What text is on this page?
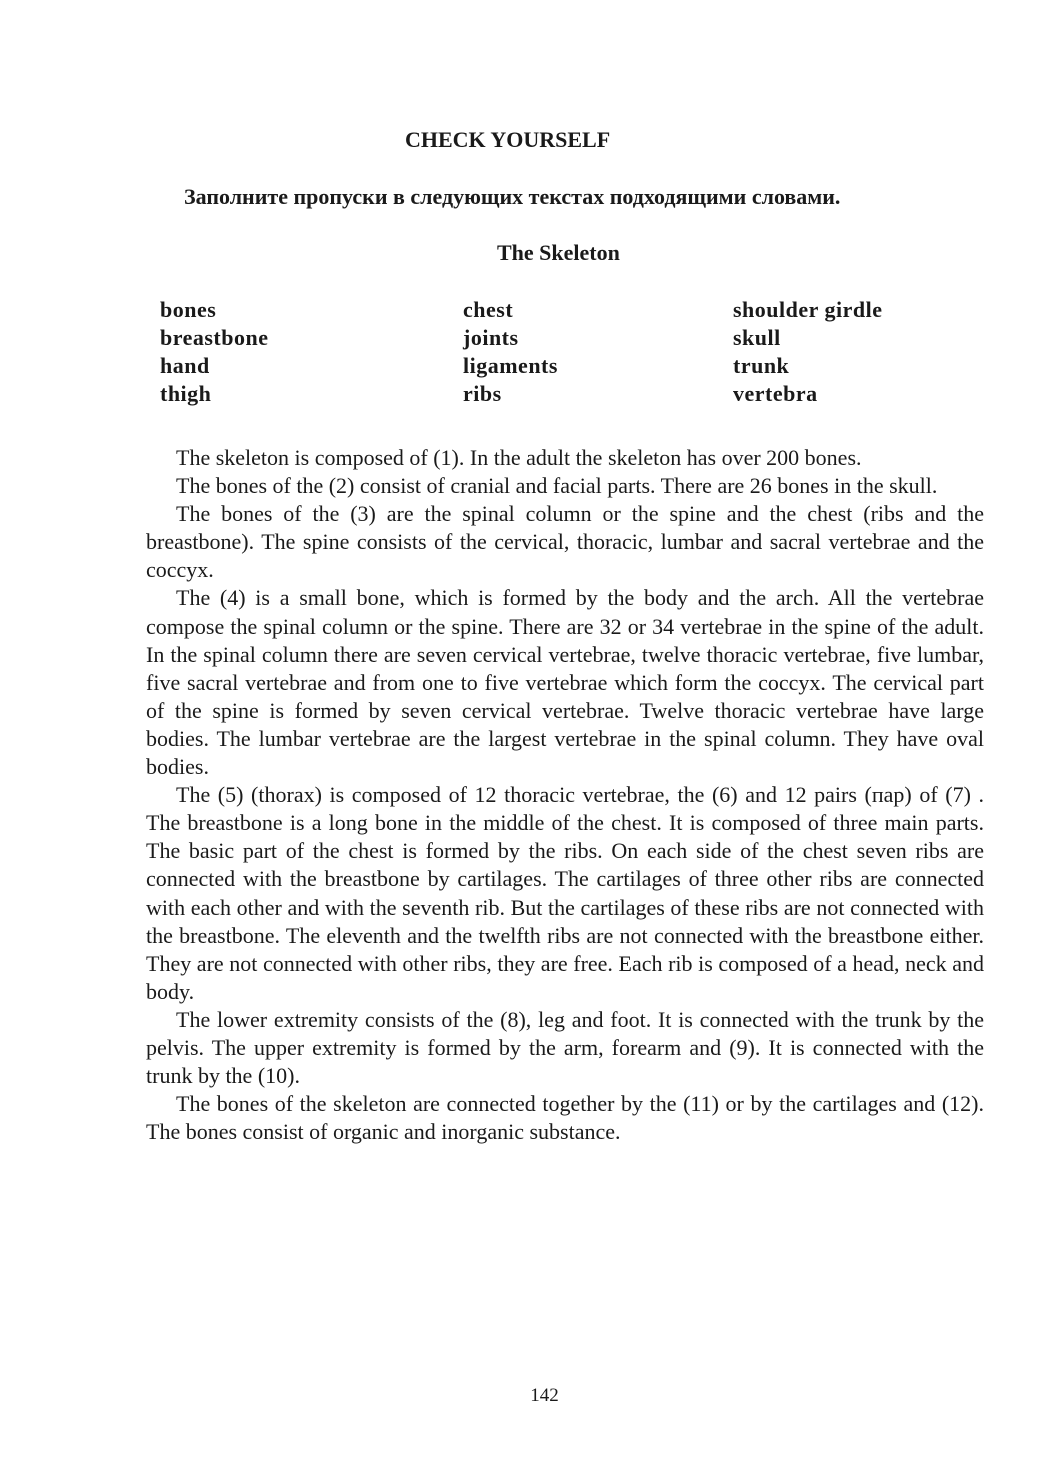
CHECK YOURSELF
Заполните пропуски в следующих текстах подходящими словами.
The Skeleton
bones
breastbone
hand
thigh
chest
joints
ligaments
ribs
shoulder girdle
skull
trunk
vertebra

The skeleton is composed of (1). In the adult the skeleton has over 200 bones.

The bones of the (2) consist of cranial and facial parts. There are 26 bones in the skull.

The bones of the (3) are the spinal column or the spine and the chest (ribs and the breastbone). The spine consists of the cervical, thoracic, lumbar and sacral vertebrae and the coccyx.

The (4) is a small bone, which is formed by the body and the arch. All the vertebrae compose the spinal column or the spine. There are 32 or 34 vertebrae in the spine of the adult. In the spinal column there are seven cervical vertebrae, twelve thoracic vertebrae, five lumbar, five sacral vertebrae and from one to five vertebrae which form the coccyx. The cervical part of the spine is formed by seven cervical vertebrae. Twelve thoracic vertebrae have large bodies. The lumbar vertebrae are the largest vertebrae in the spinal column. They have oval bodies.

The (5) (thorax) is composed of 12 thoracic vertebrae, the (6) and 12 pairs (пар) of (7) . The breastbone is a long bone in the middle of the chest. It is composed of three main parts. The basic part of the chest is formed by the ribs. On each side of the chest seven ribs are connected with the breastbone by cartilages. The cartilages of three other ribs are connected with each other and with the seventh rib. But the cartilages of these ribs are not connected with the breastbone. The eleventh and the twelfth ribs are not connected with the breastbone either. They are not connected with other ribs, they are free. Each rib is composed of a head, neck and body.

The lower extremity consists of the (8), leg and foot. It is connected with the trunk by the pelvis. The upper extremity is formed by the arm, forearm and (9). It is connected with the trunk by the (10).

The bones of the skeleton are connected together by the (11) or by the cartilages and (12). The bones consist of organic and inorganic substance.

142
